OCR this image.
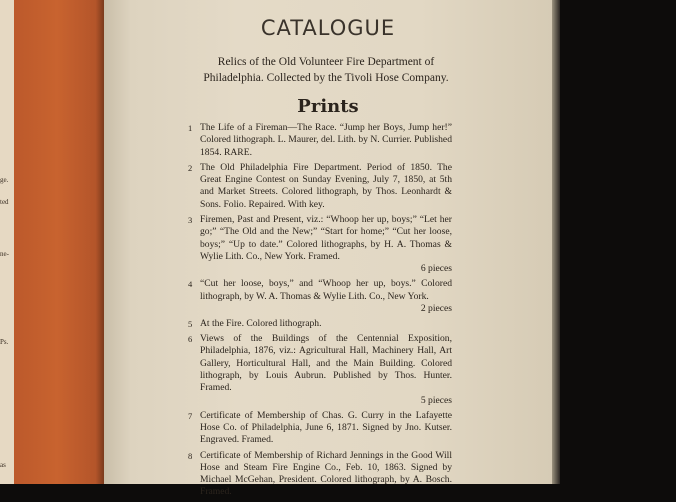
ge.
ted
ne-
Ps.
as
CATALOGUE
Relics of the Old Volunteer Fire Department of Philadelphia. Collected by the Tivoli Hose Company.
Prints
1 The Life of a Fireman—The Race. “Jump her Boys, Jump her!” Colored lithograph. L. Maurer, del. Lith. by N. Currier. Published 1854. RARE.
2 The Old Philadelphia Fire Department. Period of 1850. The Great Engine Contest on Sunday Evening, July 7, 1850, at 5th and Market Streets. Colored lithograph, by Thos. Leonhardt & Sons. Folio. Repaired. With key.
3 Firemen, Past and Present, viz.: “Whoop her up, boys;” “Let her go;” “The Old and the New;” “Start for home;” “Cut her loose, boys;” “Up to date.” Colored lithographs, by H. A. Thomas & Wylie Lith. Co., New York. Framed.
6 pieces
4 “Cut her loose, boys,” and “Whoop her up, boys.” Colored lithograph, by W. A. Thomas & Wylie Lith. Co., New York.
2 pieces
5 At the Fire. Colored lithograph.
6 Views of the Buildings of the Centennial Exposition, Philadelphia, 1876, viz.: Agricultural Hall, Machinery Hall, Art Gallery, Horticultural Hall, and the Main Building. Colored lithograph, by Louis Aubrun. Published by Thos. Hunter. Framed.
5 pieces
7 Certificate of Membership of Chas. G. Curry in the Lafayette Hose Co. of Philadelphia, June 6, 1871. Signed by Jno. Kutser. Engraved. Framed.
8 Certificate of Membership of Richard Jennings in the Good Will Hose and Steam Fire Engine Co., Feb. 10, 1863. Signed by Michael McGehan, President. Colored lithograph, by A. Bosch. Framed.
